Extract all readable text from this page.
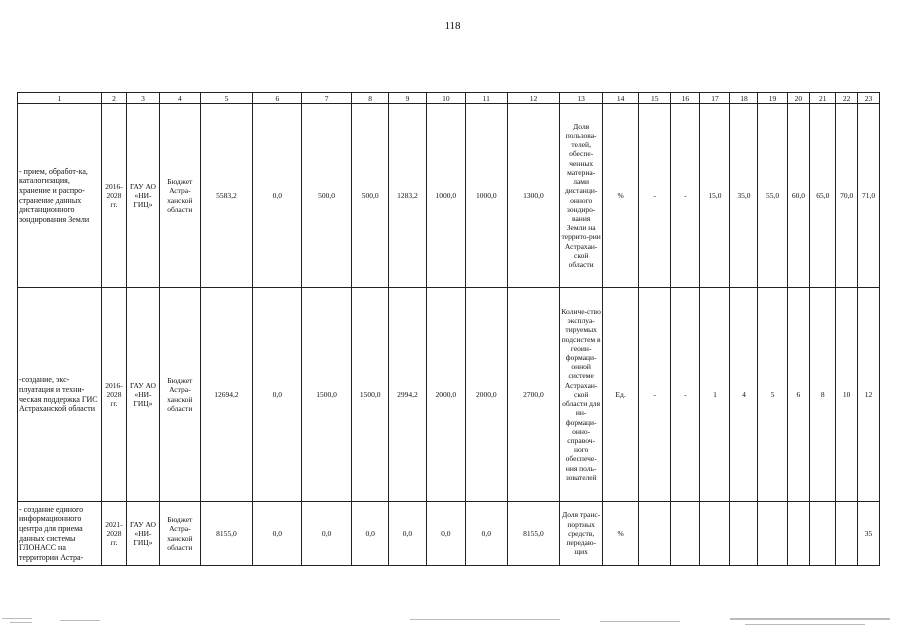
118
1	2	3	4	5	6	7	8	9	10	11	12	13	14	15	16	17	18	19	20	21	22	23
- прием, обработ-ка, каталогизация, хранение и распро-странение данных дистанционного зондирования Земли	2016-2028 гг.	ГАУ АО «НИ-ГИЦ»	Бюджет Астра-ханской области	5583,2	0,0	500,0	500,0	1283,2	1000,0	1000,0	1300,0	Доля пользова-телей, обеспе-ченных материа-лами дистанци-онного зондиро-вания Земли на террито-рии Астрахан-ской области	%	-	-	15,0	35,0	55,0	60,0	65,0	70,0	71,0
-создание, экс-плуатация и техни-ческая поддержка ГИС Астраханской области	2016-2028 гг.	ГАУ АО «НИ-ГИЦ»	Бюджет Астра-ханской области	12694,2	0,0	1500,0	1500,0	2994,2	2000,0	2000,0	2700,0	Количе-ство эксплуа-тируемых подсистем в геоин-формаци-онной системе Астрахан-ской области для ин-формаци-онно-справоч-ного обеспече-ния поль-зователей	Ед.	-	-	1	4	5	6	8	10	12
- создание единого информационного центра для приема данных системы ГЛОНАСС на территории Астра-	2021-2028 гг.	ГАУ АО «НИ-ГИЦ»	Бюджет Астра-ханской области	8155,0	0,0	0,0	0,0	0,0	0,0	0,0	8155,0	Доля транс-портных средств, передаю-щих	%									35
